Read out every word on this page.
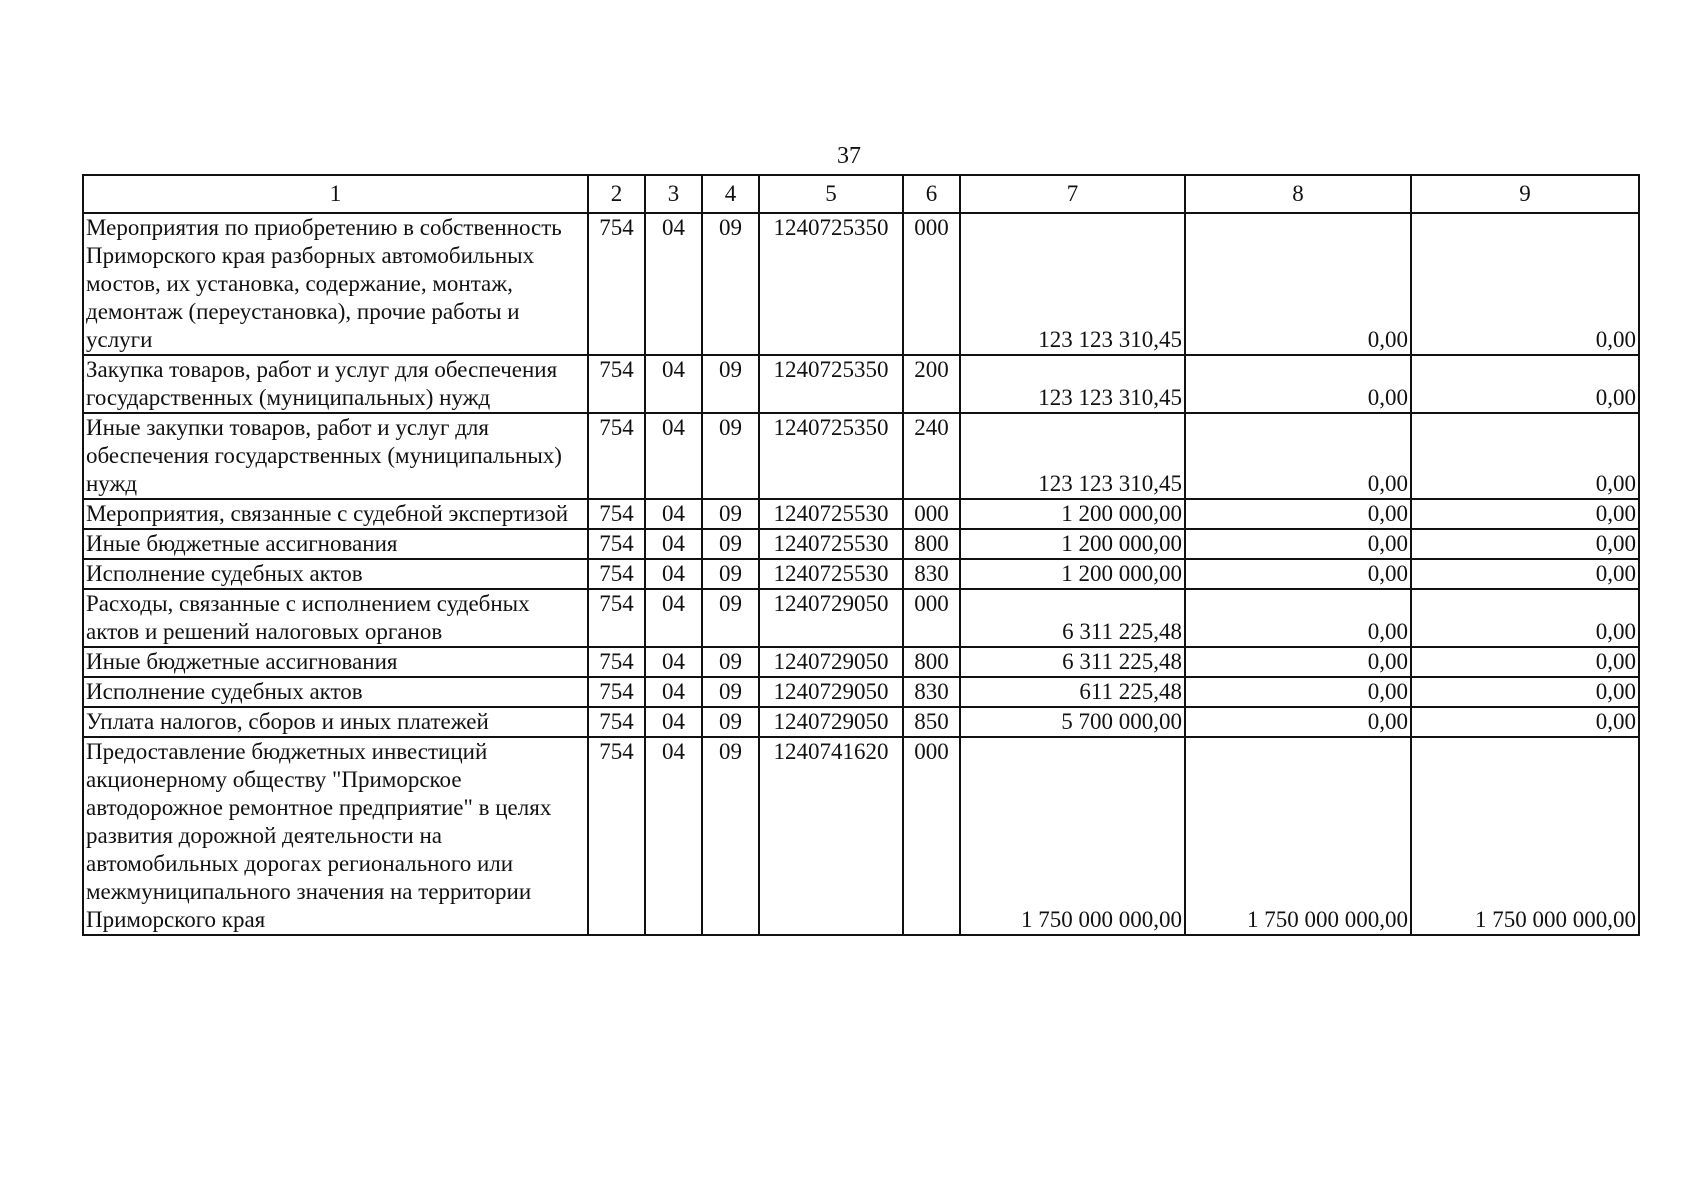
37
1	2	3	4	5	6	7	8	9
Мероприятия по приобретению в собственность Приморского края разборных автомобильных мостов, их установка, содержание, монтаж, демонтаж (переустановка), прочие работы и услуги	754	04	09	1240725350	000	123 123 310,45	0,00	0,00
Закупка товаров, работ и услуг для обеспечения государственных (муниципальных) нужд	754	04	09	1240725350	200	123 123 310,45	0,00	0,00
Иные закупки товаров, работ и услуг для обеспечения государственных (муниципальных) нужд	754	04	09	1240725350	240	123 123 310,45	0,00	0,00
Мероприятия, связанные с судебной экспертизой	754	04	09	1240725530	000	1 200 000,00	0,00	0,00
Иные бюджетные ассигнования	754	04	09	1240725530	800	1 200 000,00	0,00	0,00
Исполнение судебных актов	754	04	09	1240725530	830	1 200 000,00	0,00	0,00
Расходы, связанные с исполнением судебных актов и решений налоговых органов	754	04	09	1240729050	000	6 311 225,48	0,00	0,00
Иные бюджетные ассигнования	754	04	09	1240729050	800	6 311 225,48	0,00	0,00
Исполнение судебных актов	754	04	09	1240729050	830	611 225,48	0,00	0,00
Уплата налогов, сборов и иных платежей	754	04	09	1240729050	850	5 700 000,00	0,00	0,00
Предоставление бюджетных инвестиций акционерному обществу "Приморское автодорожное ремонтное предприятие" в целях развития дорожной деятельности на автомобильных дорогах регионального или межмуниципального значения на территории Приморского края	754	04	09	1240741620	000	1 750 000 000,00	1 750 000 000,00	1 750 000 000,00
